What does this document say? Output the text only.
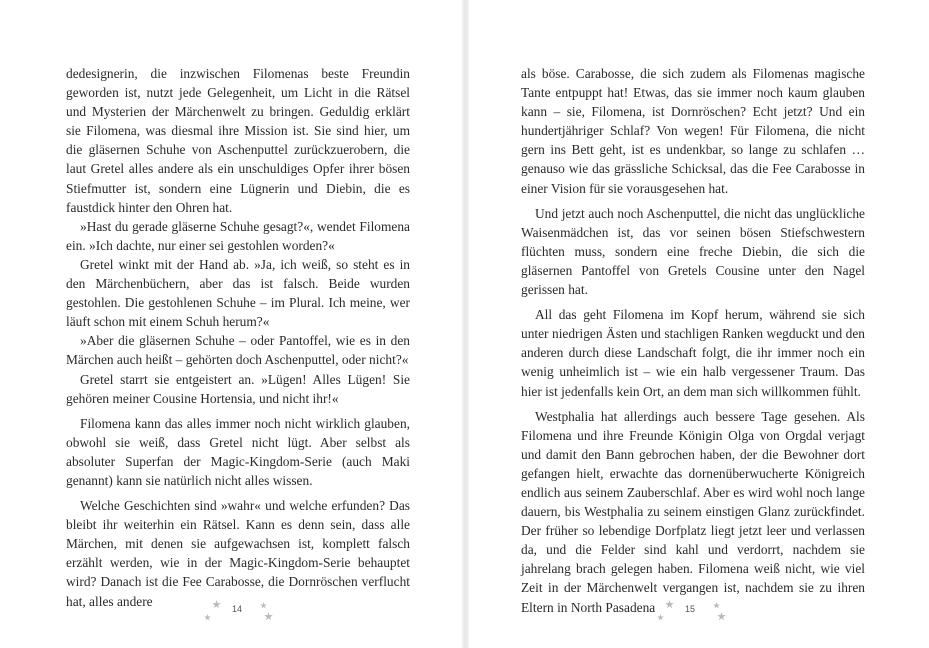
dedesignerin, die inzwischen Filomenas beste Freundin geworden ist, nutzt jede Gelegenheit, um Licht in die Rätsel und Mysterien der Märchenwelt zu bringen. Geduldig erklärt sie Filomena, was diesmal ihre Mission ist. Sie sind hier, um die gläsernen Schuhe von Aschenputtel zurückzuerobern, die laut Gretel alles andere als ein unschuldiges Opfer ihrer bösen Stiefmutter ist, sondern eine Lügnerin und Diebin, die es faustdick hinter den Ohren hat.

»Hast du gerade gläserne Schuhe gesagt?«, wendet Filomena ein. »Ich dachte, nur einer sei gestohlen worden?«

Gretel winkt mit der Hand ab. »Ja, ich weiß, so steht es in den Märchenbüchern, aber das ist falsch. Beide wurden gestohlen. Die gestohlenen Schuhe – im Plural. Ich meine, wer läuft schon mit einem Schuh herum?«

»Aber die gläsernen Schuhe – oder Pantoffel, wie es in den Märchen auch heißt – gehörten doch Aschenputtel, oder nicht?«

Gretel starrt sie entgeistert an. »Lügen! Alles Lügen! Sie gehören meiner Cousine Hortensia, und nicht ihr!«

Filomena kann das alles immer noch nicht wirklich glauben, obwohl sie weiß, dass Gretel nicht lügt. Aber selbst als absoluter Superfan der Magic-Kingdom-Serie (auch Maki genannt) kann sie natürlich nicht alles wissen.

Welche Geschichten sind »wahr« und welche erfunden? Das bleibt ihr weiterhin ein Rätsel. Kann es denn sein, dass alle Märchen, mit denen sie aufgewachsen ist, komplett falsch erzählt werden, wie in der Magic-Kingdom-Serie behauptet wird? Danach ist die Fee Carabosse, die Dornröschen verflucht hat, alles andere

14

als böse. Carabosse, die sich zudem als Filomenas magische Tante entpuppt hat! Etwas, das sie immer noch kaum glauben kann – sie, Filomena, ist Dornröschen? Echt jetzt? Und ein hundertjähriger Schlaf? Von wegen! Für Filomena, die nicht gern ins Bett geht, ist es undenkbar, so lange zu schlafen … genauso wie das grässliche Schicksal, das die Fee Carabosse in einer Vision für sie vorausgesehen hat.

Und jetzt auch noch Aschenputtel, die nicht das unglückliche Waisenmädchen ist, das vor seinen bösen Stiefschwestern flüchten muss, sondern eine freche Diebin, die sich die gläsernen Pantoffel von Gretels Cousine unter den Nagel gerissen hat.

All das geht Filomena im Kopf herum, während sie sich unter niedrigen Ästen und stachligen Ranken wegduckt und den anderen durch diese Landschaft folgt, die ihr immer noch ein wenig unheimlich ist – wie ein halb vergessener Traum. Das hier ist jedenfalls kein Ort, an dem man sich willkommen fühlt.

Westphalia hat allerdings auch bessere Tage gesehen. Als Filomena und ihre Freunde Königin Olga von Orgdal verjagt und damit den Bann gebrochen haben, der die Bewohner dort gefangen hielt, erwachte das dornenüberwucherte Königreich endlich aus seinem Zauberschlaf. Aber es wird wohl noch lange dauern, bis Westphalia zu seinem einstigen Glanz zurückfindet. Der früher so lebendige Dorfplatz liegt jetzt leer und verlassen da, und die Felder sind kahl und verdorrt, nachdem sie jahrelang brach gelegen haben. Filomena weiß nicht, wie viel Zeit in der Märchenwelt vergangen ist, nachdem sie zu ihren Eltern in North Pasadena	15
